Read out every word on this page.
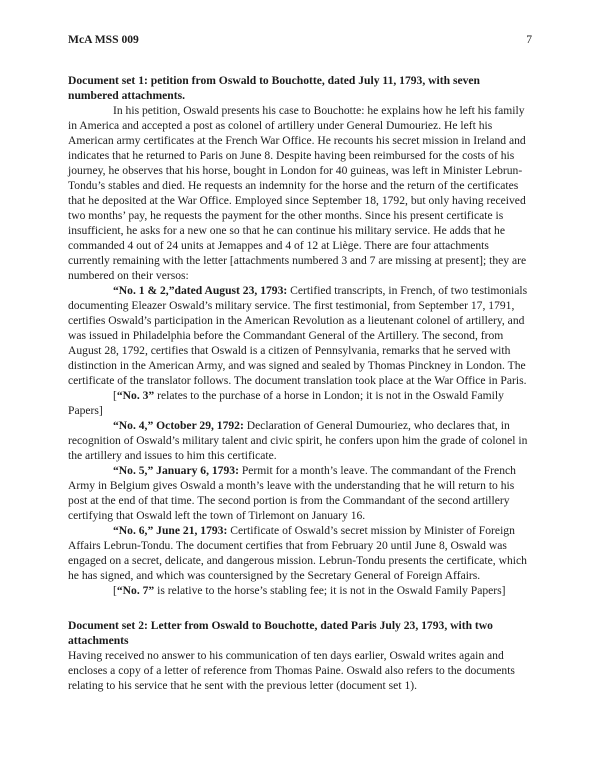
McA MSS 009	7
Document set 1: petition from Oswald to Bouchotte, dated July 11, 1793, with seven numbered attachments.

In his petition, Oswald presents his case to Bouchotte: he explains how he left his family in America and accepted a post as colonel of artillery under General Dumouriez. He left his American army certificates at the French War Office. He recounts his secret mission in Ireland and indicates that he returned to Paris on June 8. Despite having been reimbursed for the costs of his journey, he observes that his horse, bought in London for 40 guineas, was left in Minister Lebrun-Tondu’s stables and died. He requests an indemnity for the horse and the return of the certificates that he deposited at the War Office. Employed since September 18, 1792, but only having received two months’ pay, he requests the payment for the other months. Since his present certificate is insufficient, he asks for a new one so that he can continue his military service. He adds that he commanded 4 out of 24 units at Jemappes and 4 of 12 at Liège. There are four attachments currently remaining with the letter [attachments numbered 3 and 7 are missing at present]; they are numbered on their versos:

“No. 1 & 2,”dated August 23, 1793: Certified transcripts, in French, of two testimonials documenting Eleazer Oswald’s military service. The first testimonial, from September 17, 1791, certifies Oswald’s participation in the American Revolution as a lieutenant colonel of artillery, and was issued in Philadelphia before the Commandant General of the Artillery. The second, from August 28, 1792, certifies that Oswald is a citizen of Pennsylvania, remarks that he served with distinction in the American Army, and was signed and sealed by Thomas Pinckney in London. The certificate of the translator follows. The document translation took place at the War Office in Paris.

[“No. 3” relates to the purchase of a horse in London; it is not in the Oswald Family Papers]

“No. 4,” October 29, 1792: Declaration of General Dumouriez, who declares that, in recognition of Oswald’s military talent and civic spirit, he confers upon him the grade of colonel in the artillery and issues to him this certificate.

“No. 5,” January 6, 1793: Permit for a month’s leave. The commandant of the French Army in Belgium gives Oswald a month’s leave with the understanding that he will return to his post at the end of that time. The second portion is from the Commandant of the second artillery certifying that Oswald left the town of Tirlemont on January 16.

“No. 6,” June 21, 1793: Certificate of Oswald’s secret mission by Minister of Foreign Affairs Lebrun-Tondu. The document certifies that from February 20 until June 8, Oswald was engaged on a secret, delicate, and dangerous mission. Lebrun-Tondu presents the certificate, which he has signed, and which was countersigned by the Secretary General of Foreign Affairs.

[“No. 7” is relative to the horse’s stabling fee; it is not in the Oswald Family Papers]

Document set 2: Letter from Oswald to Bouchotte, dated Paris July 23, 1793, with two attachments

Having received no answer to his communication of ten days earlier, Oswald writes again and encloses a copy of a letter of reference from Thomas Paine. Oswald also refers to the documents relating to his service that he sent with the previous letter (document set 1).
